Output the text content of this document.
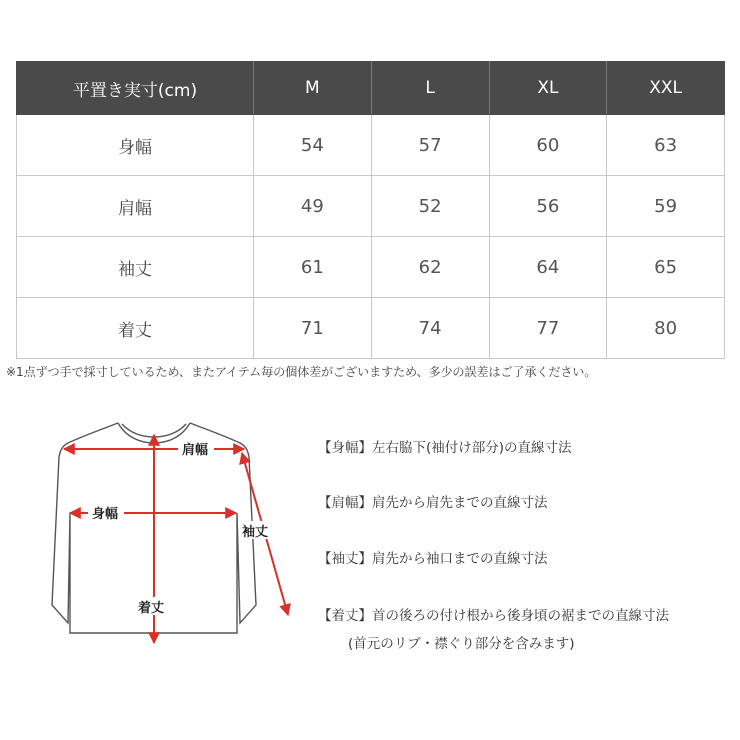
平置き実寸(cm)	M	L	XL	XXL
身幅	54	57	60	63
肩幅	49	52	56	59
袖丈	61	62	64	65
着丈	71	74	77	80
※1点ずつ手で採寸しているため、またアイテム毎の個体差がございますため、多少の誤差はご了承ください。
肩幅
身幅
袖丈
着丈
【身幅】左右脇下(袖付け部分)の直線寸法
【肩幅】肩先から肩先までの直線寸法
【袖丈】肩先から袖口までの直線寸法
【着丈】首の後ろの付け根から後身頃の裾までの直線寸法
(首元のリブ・襟ぐり部分を含みます)
